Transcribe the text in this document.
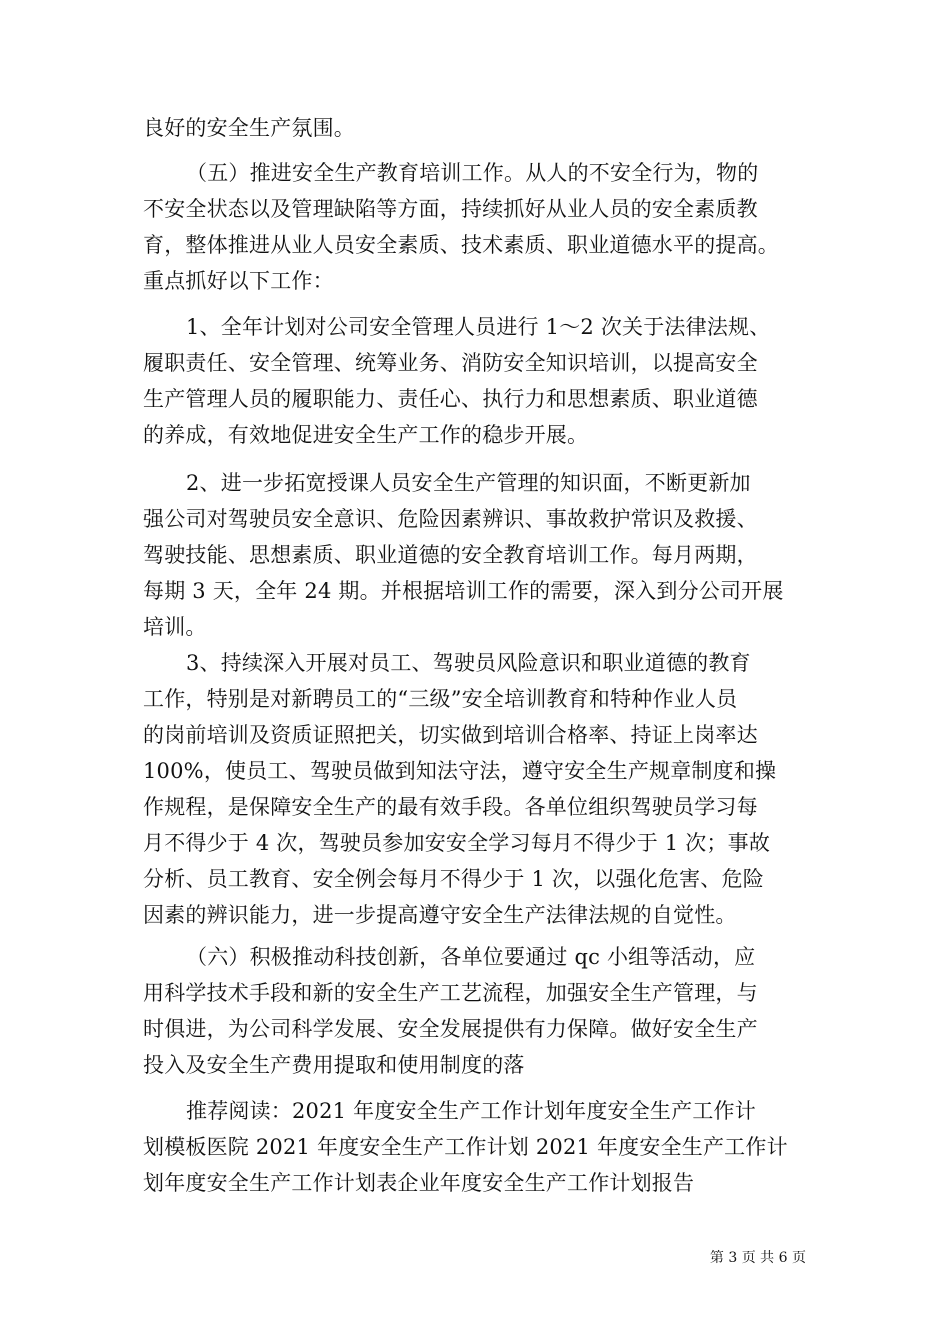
良好的安全生产氛围。
（五）推进安全生产教育培训工作。从人的不安全行为，物的
不安全状态以及管理缺陷等方面，持续抓好从业人员的安全素质教
育，整体推进从业人员安全素质、技术素质、职业道德水平的提高。
重点抓好以下工作：
1、全年计划对公司安全管理人员进行 1～2 次关于法律法规、
履职责任、安全管理、统筹业务、消防安全知识培训，以提高安全
生产管理人员的履职能力、责任心、执行力和思想素质、职业道德
的养成，有效地促进安全生产工作的稳步开展。
2、进一步拓宽授课人员安全生产管理的知识面，不断更新加
强公司对驾驶员安全意识、危险因素辨识、事故救护常识及救援、
驾驶技能、思想素质、职业道德的安全教育培训工作。每月两期，
每期 3 天，全年 24 期。并根据培训工作的需要，深入到分公司开展
培训。
3、持续深入开展对员工、驾驶员风险意识和职业道德的教育
工作，特别是对新聘员工的“三级”安全培训教育和特种作业人员
的岗前培训及资质证照把关，切实做到培训合格率、持证上岗率达
100%，使员工、驾驶员做到知法守法，遵守安全生产规章制度和操
作规程，是保障安全生产的最有效手段。各单位组织驾驶员学习每
月不得少于 4 次，驾驶员参加安安全学习每月不得少于 1 次；事故
分析、员工教育、安全例会每月不得少于 1 次，以强化危害、危险
因素的辨识能力，进一步提高遵守安全生产法律法规的自觉性。
（六）积极推动科技创新，各单位要通过 qc 小组等活动，应
用科学技术手段和新的安全生产工艺流程，加强安全生产管理，与
时俱进，为公司科学发展、安全发展提供有力保障。做好安全生产
投入及安全生产费用提取和使用制度的落
推荐阅读：2021 年度安全生产工作计划年度安全生产工作计
划模板医院 2021 年度安全生产工作计划 2021 年度安全生产工作计
划年度安全生产工作计划表企业年度安全生产工作计划报告
第 3 页 共 6 页
